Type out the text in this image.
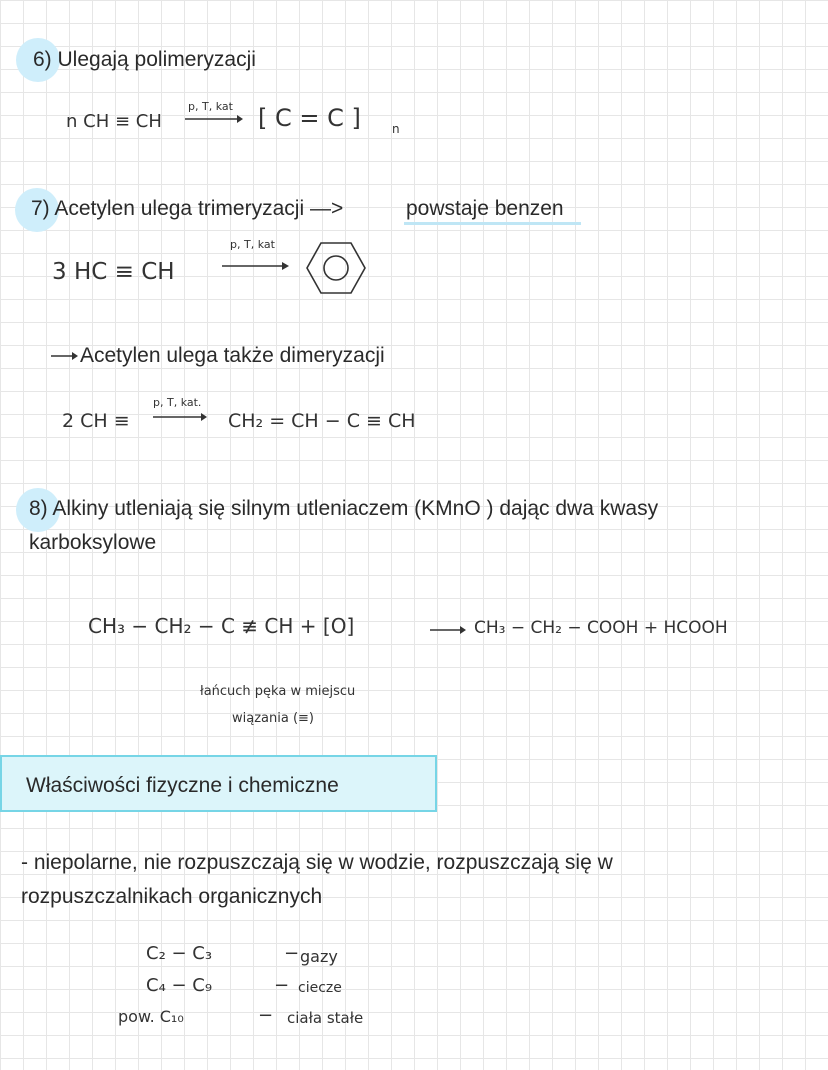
6) Ulegają polimeryzacji
n CH ≡ CH
p, T, kat [ C = C ]	n
7) Acetylen ulega trimeryzacji —>	powstaje benzen
3 HC ≡ CH
p, T, kat
Acetylen ulega także dimeryzacji
2 CH ≡
p, T, kat.
CH₂ = CH − C ≡ CH
8) Alkiny utleniają się silnym utleniaczem (KMnO ) dając dwa kwasy
karboksylowe
CH₃ − CH₂ − C ≢ CH + [O]	CH₃ − CH₂ − COOH + HCOOH
łańcuch pęka w miejscu
wiązania (≡)
Właściwości fizyczne i chemiczne
- niepolarne, nie rozpuszczają się w wodzie, rozpuszczają się w
rozpuszczalnikach organicznych
C₂ − C₃	− gazy
C₄ − C₉	− ciecze
pow. C₁₀	− ciała stałe
